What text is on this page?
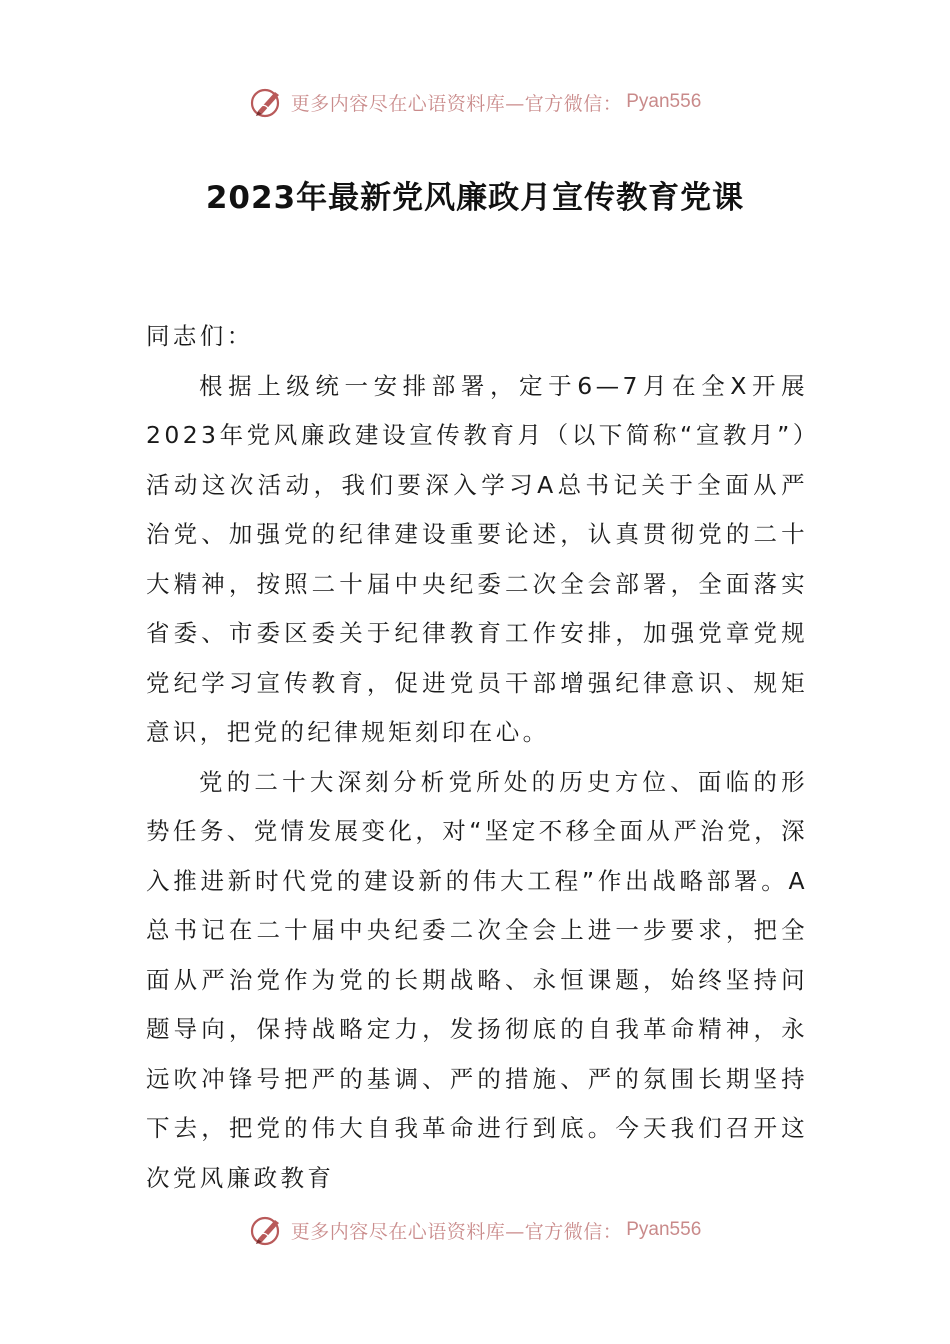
更多内容尽在心语资料库—官方微信： Pyan556
2023年最新党风廉政月宣传教育党课

同志们：

根据上级统一安排部署，定于6—7月在全X开展2023年党风廉政建设宣传教育月（以下简称“宣教月”）活动这次活动，我们要深入学习A总书记关于全面从严治党、加强党的纪律建设重要论述，认真贯彻党的二十大精神，按照二十届中央纪委二次全会部署，全面落实省委、市委区委关于纪律教育工作安排，加强党章党规党纪学习宣传教育，促进党员干部增强纪律意识、规矩意识，把党的纪律规矩刻印在心。

党的二十大深刻分析党所处的历史方位、面临的形势任务、党情发展变化，对“坚定不移全面从严治党，深入推进新时代党的建设新的伟大工程”作出战略部署。A总书记在二十届中央纪委二次全会上进一步要求，把全面从严治党作为党的长期战略、永恒课题，始终坚持问题导向，保持战略定力，发扬彻底的自我革命精神，永远吹冲锋号把严的基调、严的措施、严的氛围长期坚持下去，把党的伟大自我革命进行到底。今天我们召开这次党风廉政教育

更多内容尽在心语资料库—官方微信： Pyan556
